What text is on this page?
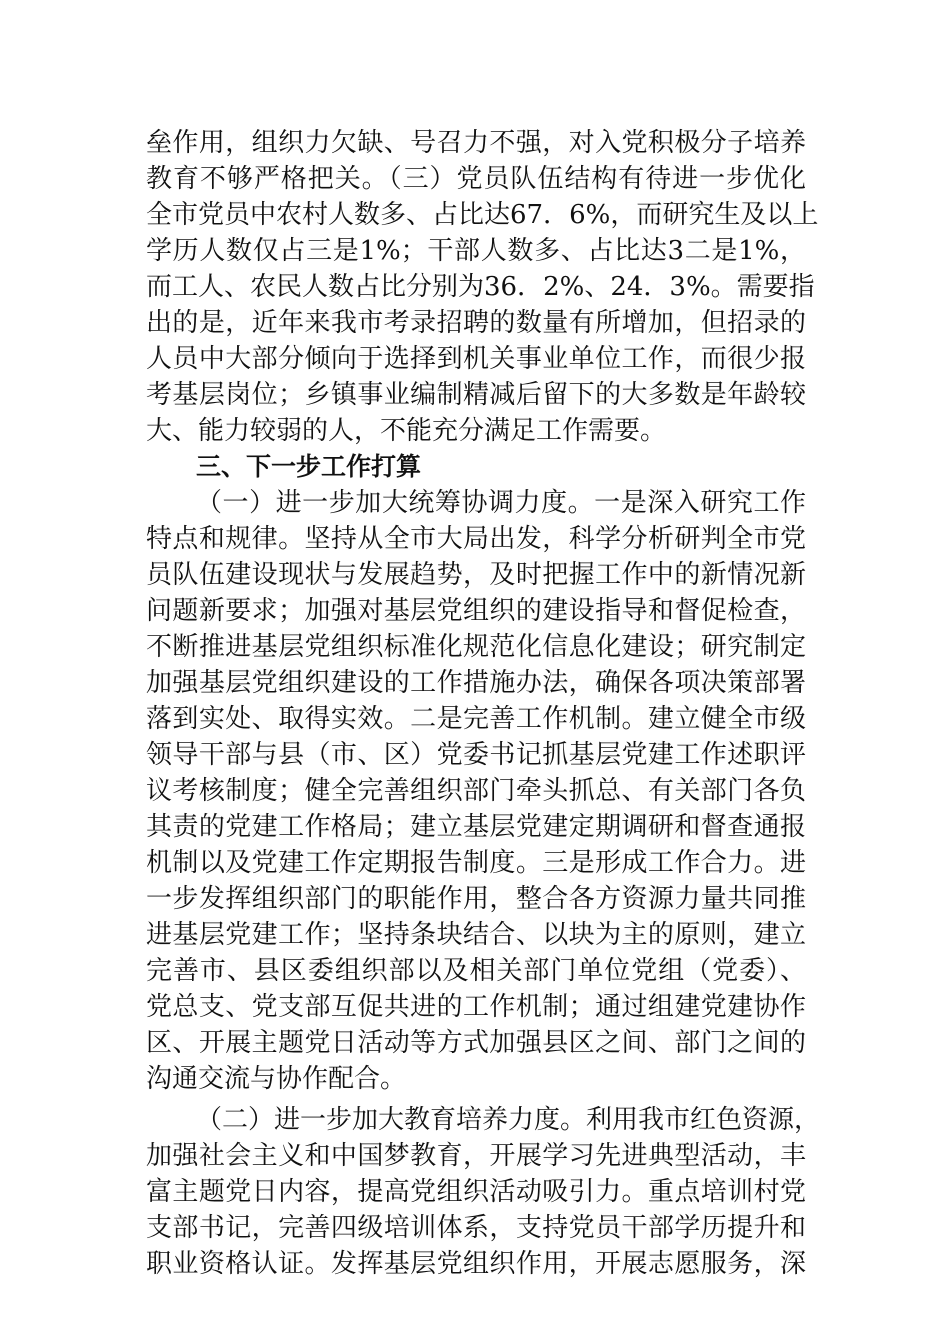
垒作用，组织力欠缺、号召力不强，对入党积极分子培养
教育不够严格把关。（三）党员队伍结构有待进一步优化
全市党员中农村人数多、占比达67．6%，而研究生及以上
学历人数仅占三是1%；干部人数多、占比达3二是1%，
而工人、农民人数占比分别为36．2%、24．3%。需要指
出的是，近年来我市考录招聘的数量有所增加，但招录的
人员中大部分倾向于选择到机关事业单位工作，而很少报
考基层岗位；乡镇事业编制精减后留下的大多数是年龄较
大、能力较弱的人，不能充分满足工作需要。
三、下一步工作打算
（一）进一步加大统筹协调力度。一是深入研究工作
特点和规律。坚持从全市大局出发，科学分析研判全市党
员队伍建设现状与发展趋势，及时把握工作中的新情况新
问题新要求；加强对基层党组织的建设指导和督促检查，
不断推进基层党组织标准化规范化信息化建设；研究制定
加强基层党组织建设的工作措施办法，确保各项决策部署
落到实处、取得实效。二是完善工作机制。建立健全市级
领导干部与县（市、区）党委书记抓基层党建工作述职评
议考核制度；健全完善组织部门牵头抓总、有关部门各负
其责的党建工作格局；建立基层党建定期调研和督查通报
机制以及党建工作定期报告制度。三是形成工作合力。进
一步发挥组织部门的职能作用，整合各方资源力量共同推
进基层党建工作；坚持条块结合、以块为主的原则，建立
完善市、县区委组织部以及相关部门单位党组（党委）、
党总支、党支部互促共进的工作机制；通过组建党建协作
区、开展主题党日活动等方式加强县区之间、部门之间的
沟通交流与协作配合。
（二）进一步加大教育培养力度。利用我市红色资源，
加强社会主义和中国梦教育，开展学习先进典型活动，丰
富主题党日内容，提高党组织活动吸引力。重点培训村党
支部书记，完善四级培训体系，支持党员干部学历提升和
职业资格认证。发挥基层党组织作用，开展志愿服务，深
